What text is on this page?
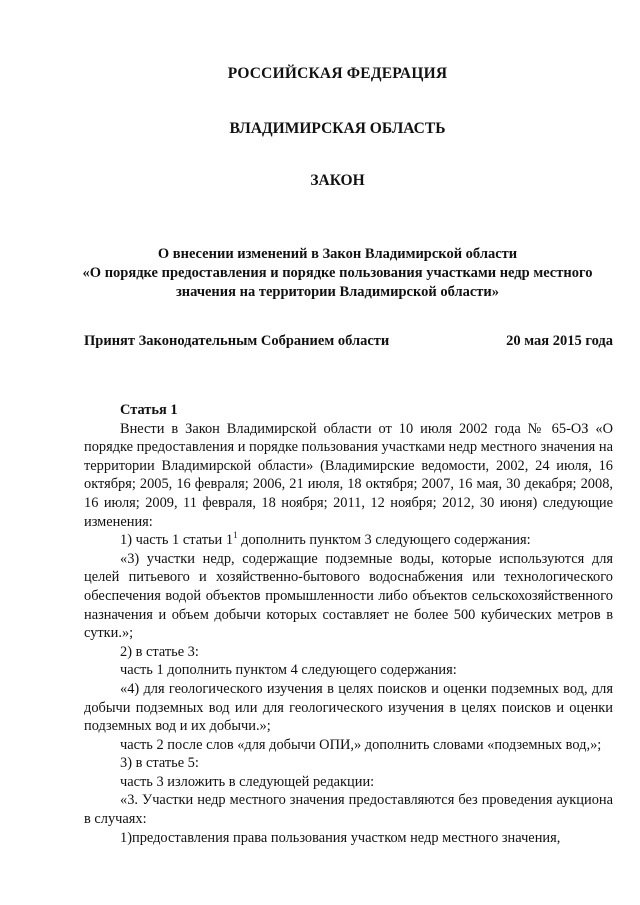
РОССИЙСКАЯ ФЕДЕРАЦИЯ
ВЛАДИМИРСКАЯ ОБЛАСТЬ
ЗАКОН
О внесении изменений в Закон Владимирской области
«О порядке предоставления и порядке пользования участками недр местного
значения на территории Владимирской области»
Принят Законодательным Собранием области	20 мая 2015 года

Статья 1

Внести в Закон Владимирской области от 10 июля 2002 года № 65-ОЗ «О порядке предоставления и порядке пользования участками недр местного значения на территории Владимирской области» (Владимирские ведомости, 2002, 24 июля, 16 октября; 2005, 16 февраля; 2006, 21 июля, 18 октября; 2007, 16 мая, 30 декабря; 2008, 16 июля; 2009, 11 февраля, 18 ноября; 2011, 12 ноября; 2012, 30 июня) следующие изменения:

1) часть 1 статьи $1^1$ дополнить пунктом 3 следующего содержания:

«3) участки недр, содержащие подземные воды, которые используются для целей питьевого и хозяйственно-бытового водоснабжения или технологического обеспечения водой объектов промышленности либо объектов сельскохозяйственного назначения и объем добычи которых составляет не более 500 кубических метров в сутки.»;

2) в статье 3:

часть 1 дополнить пунктом 4 следующего содержания:

«4) для геологического изучения в целях поисков и оценки подземных вод, для добычи подземных вод или для геологического изучения в целях поисков и оценки подземных вод и их добычи.»;

часть 2 после слов «для добычи ОПИ,» дополнить словами «подземных вод,»;

3) в статье 5:

часть 3 изложить в следующей редакции:

«3. Участки недр местного значения предоставляются без проведения аукциона в случаях:

1)предоставления права пользования участком недр местного значения,
